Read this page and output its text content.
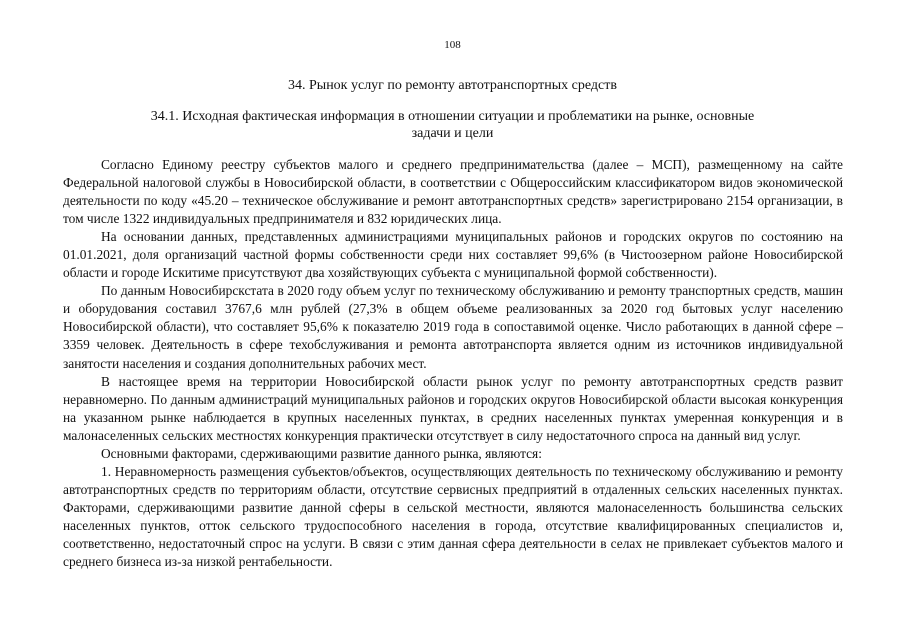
108
34. Рынок услуг по ремонту автотранспортных средств
34.1. Исходная фактическая информация в отношении ситуации и проблематики на рынке, основные задачи и цели

Согласно Единому реестру субъектов малого и среднего предпринимательства (далее – МСП), размещенному на сайте Федеральной налоговой службы в Новосибирской области, в соответствии с Общероссийским классификатором видов экономической деятельности по коду «45.20 – техническое обслуживание и ремонт автотранспортных средств» зарегистрировано 2154 организации, в том числе 1322 индивидуальных предпринимателя и 832 юридических лица.

На основании данных, представленных администрациями муниципальных районов и городских округов по состоянию на 01.01.2021, доля организаций частной формы собственности среди них составляет 99,6% (в Чистоозерном районе Новосибирской области и городе Искитиме присутствуют два хозяйствующих субъекта с муниципальной формой собственности).

По данным Новосибирскстата в 2020 году объем услуг по техническому обслуживанию и ремонту транспортных средств, машин и оборудования составил 3767,6 млн рублей (27,3% в общем объеме реализованных за 2020 год бытовых услуг населению Новосибирской области), что составляет 95,6% к показателю 2019 года в сопоставимой оценке. Число работающих в данной сфере – 3359 человек. Деятельность в сфере техобслуживания и ремонта автотранспорта является одним из источников индивидуальной занятости населения и создания дополнительных рабочих мест.

В настоящее время на территории Новосибирской области рынок услуг по ремонту автотранспортных средств развит неравномерно. По данным администраций муниципальных районов и городских округов Новосибирской области высокая конкуренция на указанном рынке наблюдается в крупных населенных пунктах, в средних населенных пунктах умеренная конкуренция и в малонаселенных сельских местностях конкуренция практически отсутствует в силу недостаточного спроса на данный вид услуг.

Основными факторами, сдерживающими развитие данного рынка, являются:

1. Неравномерность размещения субъектов/объектов, осуществляющих деятельность по техническому обслуживанию и ремонту автотранспортных средств по территориям области, отсутствие сервисных предприятий в отдаленных сельских населенных пунктах. Факторами, сдерживающими развитие данной сферы в сельской местности, являются малонаселенность большинства сельских населенных пунктов, отток сельского трудоспособного населения в города, отсутствие квалифицированных специалистов и, соответственно, недостаточный спрос на услуги. В связи с этим данная сфера деятельности в селах не привлекает субъектов малого и среднего бизнеса из-за низкой рентабельности.
